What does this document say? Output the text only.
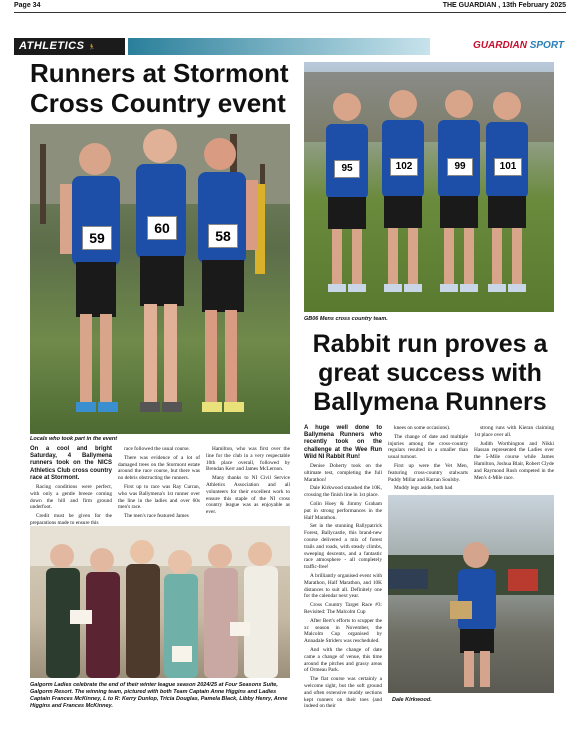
Page 34	THE GUARDIAN , 13th February 2025
ATHLETICS 🏃	GUARDIAN SPORT
Runners at Stormont Cross Country event
59
60	58
Locals who took part in the event

On a cool and bright Saturday, 4 Ballymena runners took on the NICS Athletics Club cross country race at Stormont.

Racing conditions were perfect, with only a gentle breeze coming down the hill and firm ground underfoot.

Credit must be given for the preparations made to ensure this

race followed the usual course.

There was evidence of a lot of damaged trees on the Stormont estate around the race course, but there was no debris obstructing the runners.

First up to race was Ray Curran, who was Ballymena's 1st runner over the line in the ladies and over 60s men's race.

The men's race featured James

Hamilton, who was first over the line for the club in a very respectable 10th place overall, followed by Brendan Kerr and James McLernon.

Many thanks to NI Civil Service Athletics Association and all volunteers for their excellent work to ensure this staple of the NI cross country league was as enjoyable as ever.

95	102	99	101
GB06 Mens cross country team.
Rabbit run proves a great success with Ballymena Runners

A huge well done to Ballymena Runners who recently took on the challenge at the Wee Run Wild NI Rabbit Run!

Denise Doherty took on the ultimate test, completing the full Marathon!

Dale Kirkwood smashed the 10K, crossing the finish line in 1st place.

Colin Hoey & Jimmy Graham put in strong performances in the Half Marathon.

Set in the stunning Ballypatrick Forest, Ballycastle, this brand-new course delivered a mix of forest trails and roads, with steady climbs, sweeping descents, and a fantastic race atmosphere - all completely traffic-free!

A brilliantly organised event with Marathon, Half Marathon, and 10K distances to suit all. Definitely one for the calendar next year.

Cross Country Target Race #3: Revisited: The Malcolm Cup

After Bert's efforts to scupper the xc season in November, the Malcolm Cup organised by Annadale Striders was rescheduled.

And with the change of date came a change of venue, this time around the pitches and grassy areas of Ormeau Park.

The flat course was certainly a welcome sight, but the soft ground and often extensive muddy sections kept runners on their toes (and indeed on their

knees on some occasions).

The change of date and multiple injuries among the cross-country regulars resulted in a smaller than usual turnout.

First up were the Vet Men, featuring cross-country stalwarts Paddy Millar and Karran Soulsby.

Muddy legs aside, both had

strong runs with Kieran claiming 1st place over all.

Judith Worthington and Nikki Hassan represented the Ladies over the 5-Mile course while James Hamilton, Joshua Blair, Robert Clyde and Raymond Rush competed in the Men's 4-Mile race.

Dale Kirkwood.
Galgorm Ladies celebrate the end of their winter league season 2024/25 at Four Seasons Suite, Galgorm Resort. The winning team, pictured with both Team Captain Anne Higgins and Ladies Captain Frances McKinney, L to R: Kerry Dunlop, Tricia Douglas, Pamela Black, Libby Henry, Anne Higgins and Frances McKinney.
